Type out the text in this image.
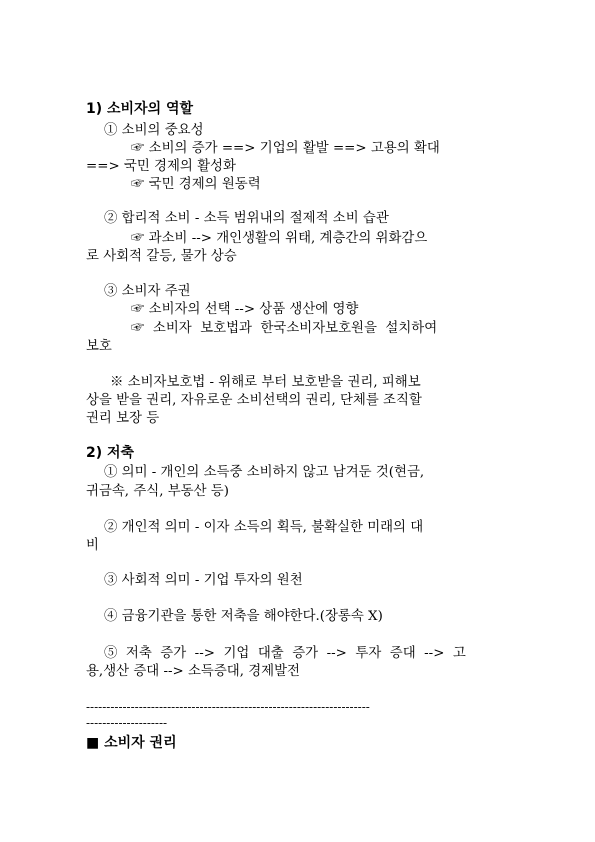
1) 소비자의 역할
① 소비의 중요성
☞ 소비의 증가 ==> 기업의 활발 ==> 고용의 확대
==> 국민 경제의 활성화
☞ 국민 경제의 원동력
② 합리적 소비 - 소득 범위내의 절제적 소비 습관
☞ 과소비 --> 개인생활의 위태, 계층간의 위화감으
로 사회적 갈등, 물가 상승
③ 소비자 주권
☞ 소비자의 선택 --> 상품 생산에 영향
☞  소비자  보호법과  한국소비자보호원을  설치하여
보호
※ 소비자보호법 - 위해로 부터 보호받을 권리, 피해보
상을 받을 권리, 자유로운 소비선택의 권리, 단체를 조직할
권리 보장 등
2) 저축
① 의미 - 개인의 소득중 소비하지 않고 남겨둔 것(현금,
귀금속, 주식, 부동산 등)
② 개인적 의미 - 이자 소득의 획득, 불확실한 미래의 대
비
③ 사회적 의미 - 기업 투자의 원천
④ 금융기관을 통한 저축을 해야한다.(장롱속 X)
⑤  저축  증가  -->  기업  대출  증가  -->  투자  증대  -->  고
용,생산 증대 --> 소득증대, 경제발전
----------------------------------------------------------------------
--------------------
■ 소비자 권리
